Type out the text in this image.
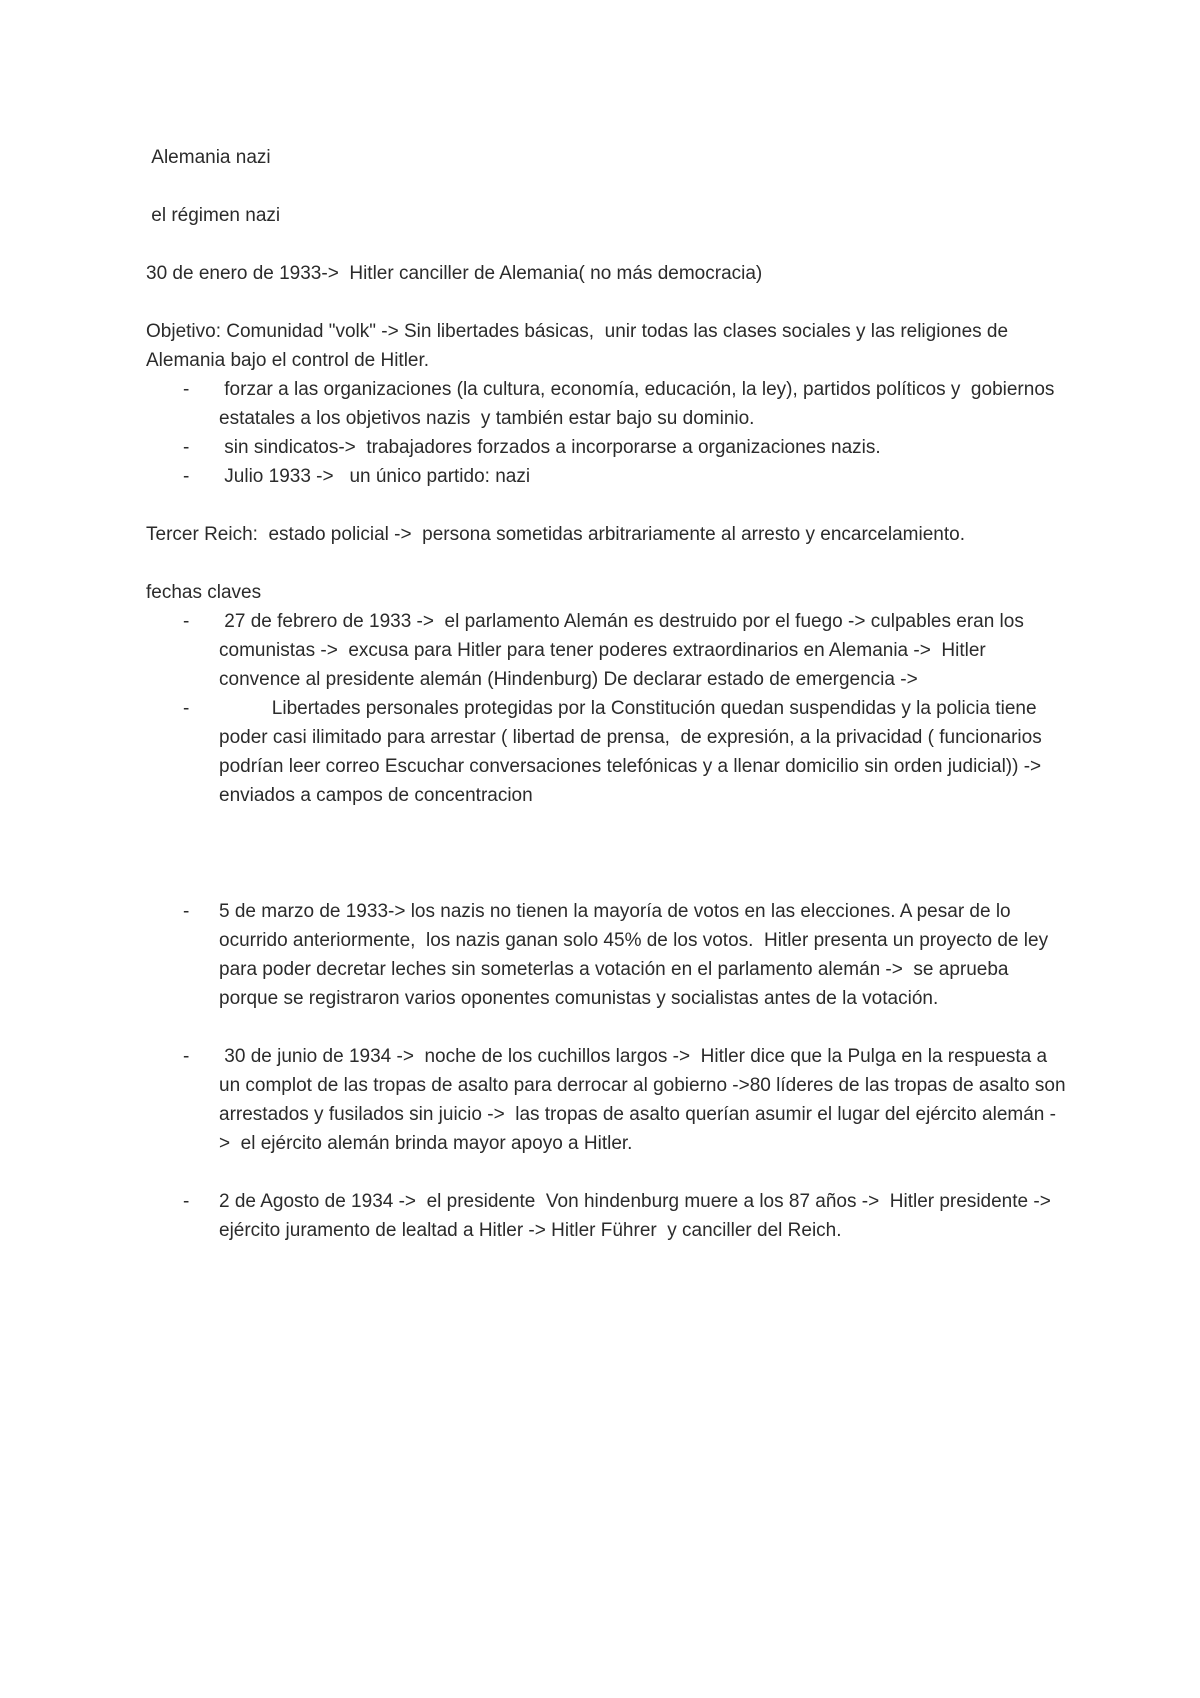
Alemania nazi

el régimen nazi

30 de enero de 1933->  Hitler canciller de Alemania( no más democracia)

Objetivo: Comunidad "volk" -> Sin libertades básicas,  unir todas las clases sociales y las religiones de Alemania bajo el control de Hitler.

- forzar a las organizaciones (la cultura, economía, educación, la ley), partidos políticos y  gobiernos estatales a los objetivos nazis  y también estar bajo su dominio.
- sin sindicatos->  trabajadores forzados a incorporarse a organizaciones nazis.
- Julio 1933 ->   un único partido: nazi

Tercer Reich:  estado policial ->  persona sometidas arbitrariamente al arresto y encarcelamiento.

fechas claves

- 27 de febrero de 1933 ->  el parlamento Alemán es destruido por el fuego -> culpables eran los comunistas ->  excusa para Hitler para tener poderes extraordinarios en Alemania ->  Hitler convence al presidente alemán (Hindenburg) De declarar estado de emergencia ->
- Libertades personales protegidas por la Constitución quedan suspendidas y la policia tiene poder casi ilimitado para arrestar ( libertad de prensa,  de expresión, a la privacidad ( funcionarios podrían leer correo Escuchar conversaciones telefónicas y a llenar domicilio sin orden judicial)) -> enviados a campos de concentracion
- 5 de marzo de 1933-> los nazis no tienen la mayoría de votos en las elecciones. A pesar de lo ocurrido anteriormente,  los nazis ganan solo 45% de los votos.  Hitler presenta un proyecto de ley para poder decretar leches sin someterlas a votación en el parlamento alemán ->  se aprueba  porque se registraron varios oponentes comunistas y socialistas antes de la votación.
- 30 de junio de 1934 ->  noche de los cuchillos largos ->  Hitler dice que la Pulga en la respuesta a un complot de las tropas de asalto para derrocar al gobierno ->80 líderes de las tropas de asalto son arrestados y fusilados sin juicio ->  las tropas de asalto querían asumir el lugar del ejército alemán ->  el ejército alemán brinda mayor apoyo a Hitler.
- 2 de Agosto de 1934 ->  el presidente  Von hindenburg muere a los 87 años ->  Hitler presidente ->  ejército juramento de lealtad a Hitler -> Hitler Führer  y canciller del Reich.
